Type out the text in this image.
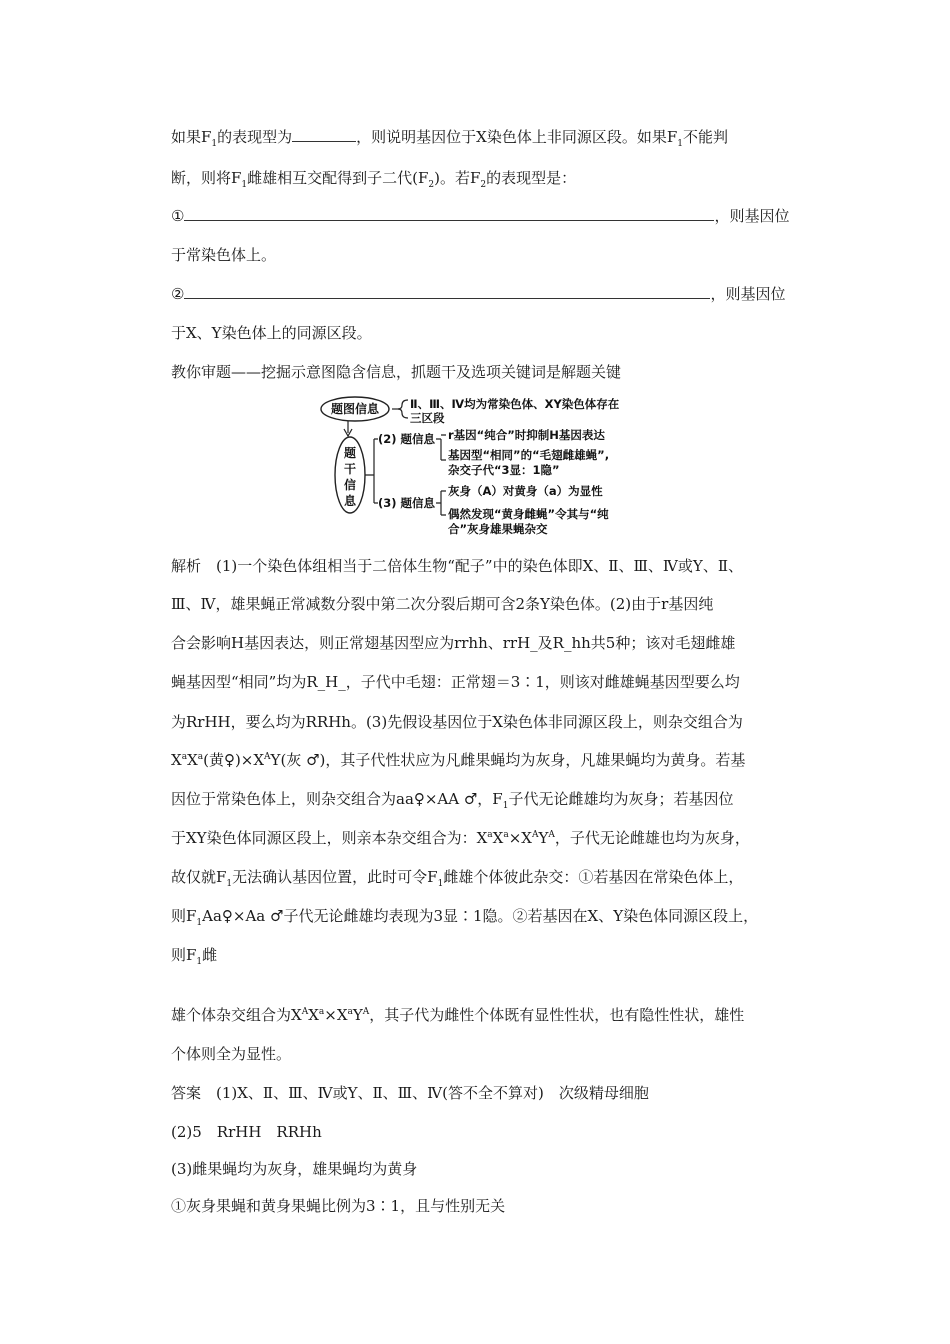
如果$F_1$的表现型为	，则说明基因位于X染色体上非同源区段。如果$F_1$不能判
断，则将$F_1$雌雄相互交配得到子二代$(F_2)$。若$F_2$的表现型是：
①	，则基因位
于常染色体上。
②	，则基因位
于X、Y染色体上的同源区段。
教你审题——挖掘示意图隐含信息，抓题干及选项关键词是解题关键
题图信息	Ⅱ、Ⅲ、Ⅳ均为常染色体、XY染色体存在
三区段
题
干
信
息
(2) 题信息 r基因“纯合”时抑制H基因表达
基因型“相同”的“毛翅雌雄蝇”,
杂交子代“3显：1隐”
(3) 题信息
灰身（A）对黄身（a）为显性
偶然发现“黄身雌蝇”令其与“纯
合”灰身雄果蝇杂交
解析　(1)一个染色体组相当于二倍体生物“配子”中的染色体即X、Ⅱ、Ⅲ、Ⅳ或Y、Ⅱ、
Ⅲ、Ⅳ，雄果蝇正常减数分裂中第二次分裂后期可含2条Y染色体。(2)由于r基因纯
合会影响H基因表达，则正常翅基因型应为rrhh、rrH_及R_hh共5种；该对毛翅雌雄
蝇基因型“相同”均为R_H_，子代中毛翅：正常翅＝3∶1，则该对雌雄蝇基因型要么均
为RrHH，要么均为RRHh。(3)先假设基因位于X染色体非同源区段上，则杂交组合为
$X^aX^a$(黄$♀)\times X^AY$(灰 ♂)，其子代性状应为凡雌果蝇均为灰身，凡雄果蝇均为黄身。若基
因位于常染色体上，则杂交组合为aa♀×AA ♂，$F_1$子代无论雌雄均为灰身；若基因位
于XY染色体同源区段上，则亲本杂交组合为：$X^aX^a\times X^AY^A$，子代无论雌雄也均为灰身，
故仅就$F_1$无法确认基因位置，此时可令$F_1$雌雄个体彼此杂交：①若基因在常染色体上，
则$F_1Aa♀\times Aa$ ♂子代无论雌雄均表现为3显∶1隐。②若基因在X、Y染色体同源区段上，
则$F_1$雌
雄个体杂交组合为$X^AX^a\times X^aY^A$，其子代为雌性个体既有显性性状，也有隐性性状，雄性
个体则全为显性。
答案　(1)X、Ⅱ、Ⅲ、Ⅳ或Y、Ⅱ、Ⅲ、Ⅳ(答不全不算对)　次级精母细胞
(2)5　RrHH　RRHh
(3)雌果蝇均为灰身，雄果蝇均为黄身
①灰身果蝇和黄身果蝇比例为3∶1，且与性别无关
